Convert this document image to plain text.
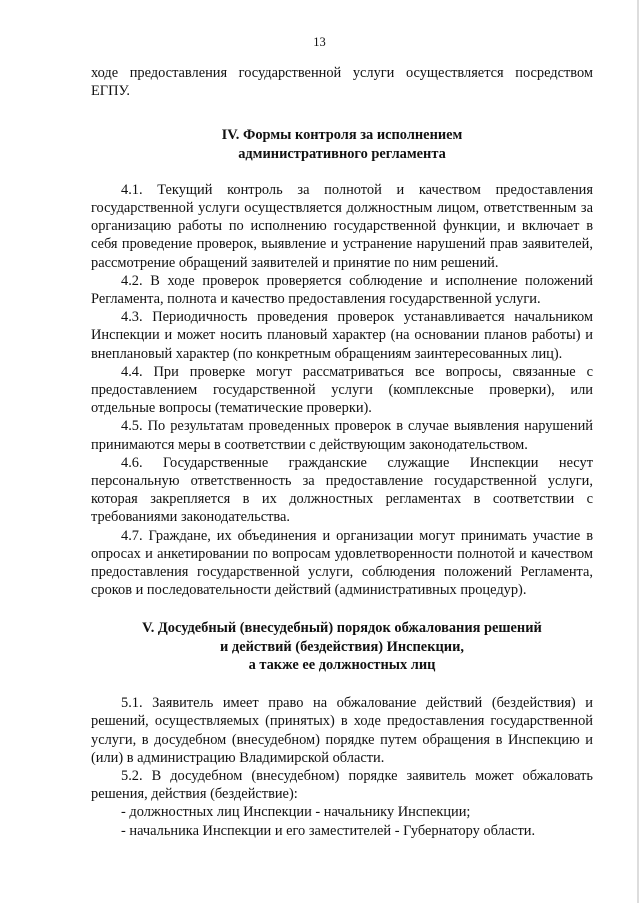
13

ходе предоставления государственной услуги осуществляется посредством ЕГПУ.

IV. Формы контроля за исполнением
административного регламента

4.1. Текущий контроль за полнотой и качеством предоставления государственной услуги осуществляется должностным лицом, ответственным за организацию работы по исполнению государственной функции, и включает в себя проведение проверок, выявление и устранение нарушений прав заявителей, рассмотрение обращений заявителей и принятие по ним решений.

4.2. В ходе проверок проверяется соблюдение и исполнение положений Регламента, полнота и качество предоставления государственной услуги.

4.3. Периодичность проведения проверок устанавливается начальником Инспекции и может носить плановый характер (на основании планов работы) и внеплановый характер (по конкретным обращениям заинтересованных лиц).

4.4. При проверке могут рассматриваться все вопросы, связанные с предоставлением государственной услуги (комплексные проверки), или отдельные вопросы (тематические проверки).

4.5. По результатам проведенных проверок в случае выявления нарушений принимаются меры в соответствии с действующим законодательством.

4.6. Государственные гражданские служащие Инспекции несут персональную ответственность за предоставление государственной услуги, которая закрепляется в их должностных регламентах в соответствии с требованиями законодательства.

4.7. Граждане, их объединения и организации могут принимать участие в опросах и анкетировании по вопросам удовлетворенности полнотой и качеством предоставления государственной услуги, соблюдения положений Регламента, сроков и последовательности действий (административных процедур).

V. Досудебный (внесудебный) порядок обжалования решений
и действий (бездействия) Инспекции,
а также ее должностных лиц

5.1. Заявитель имеет право на обжалование действий (бездействия) и решений, осуществляемых (принятых) в ходе предоставления государственной услуги, в досудебном (внесудебном) порядке путем обращения в Инспекцию и (или) в администрацию Владимирской области.

5.2. В досудебном (внесудебном) порядке заявитель может обжаловать решения, действия (бездействие):

- должностных лиц Инспекции - начальнику Инспекции;

- начальника Инспекции и его заместителей - Губернатору области.
